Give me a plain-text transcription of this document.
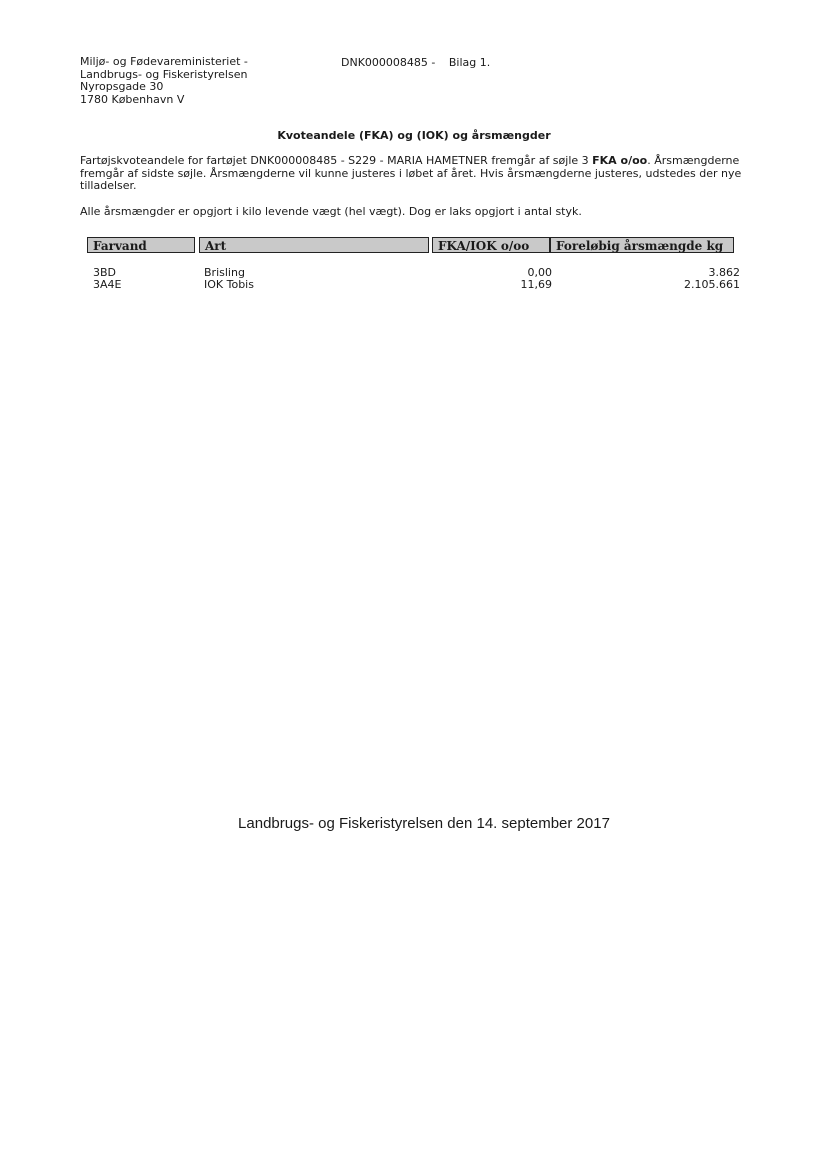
Miljø- og Fødevareministeriet -
Landbrugs- og Fiskeristyrelsen
Nyropsgade 30
1780 København V
DNK000008485 - Bilag 1.
Kvoteandele (FKA) og (IOK) og årsmængder
Fartøjskvoteandele for fartøjet DNK000008485 - S229 - MARIA HAMETNER fremgår af søjle 3 FKA o/oo. Årsmængderne fremgår af sidste søjle. Årsmængderne vil kunne justeres i løbet af året. Hvis årsmængderne justeres, udstedes der nye tilladelser.
Alle årsmængder er opgjort i kilo levende vægt (hel vægt). Dog er laks opgjort i antal styk.
Farvand	Art	FKA/IOK o/oo	Foreløbig årsmængde kg
3BD	Brisling	0,00	3.862
3A4E	IOK Tobis	11,69	2.105.661
Landbrugs- og Fiskeristyrelsen den 14. september 2017
